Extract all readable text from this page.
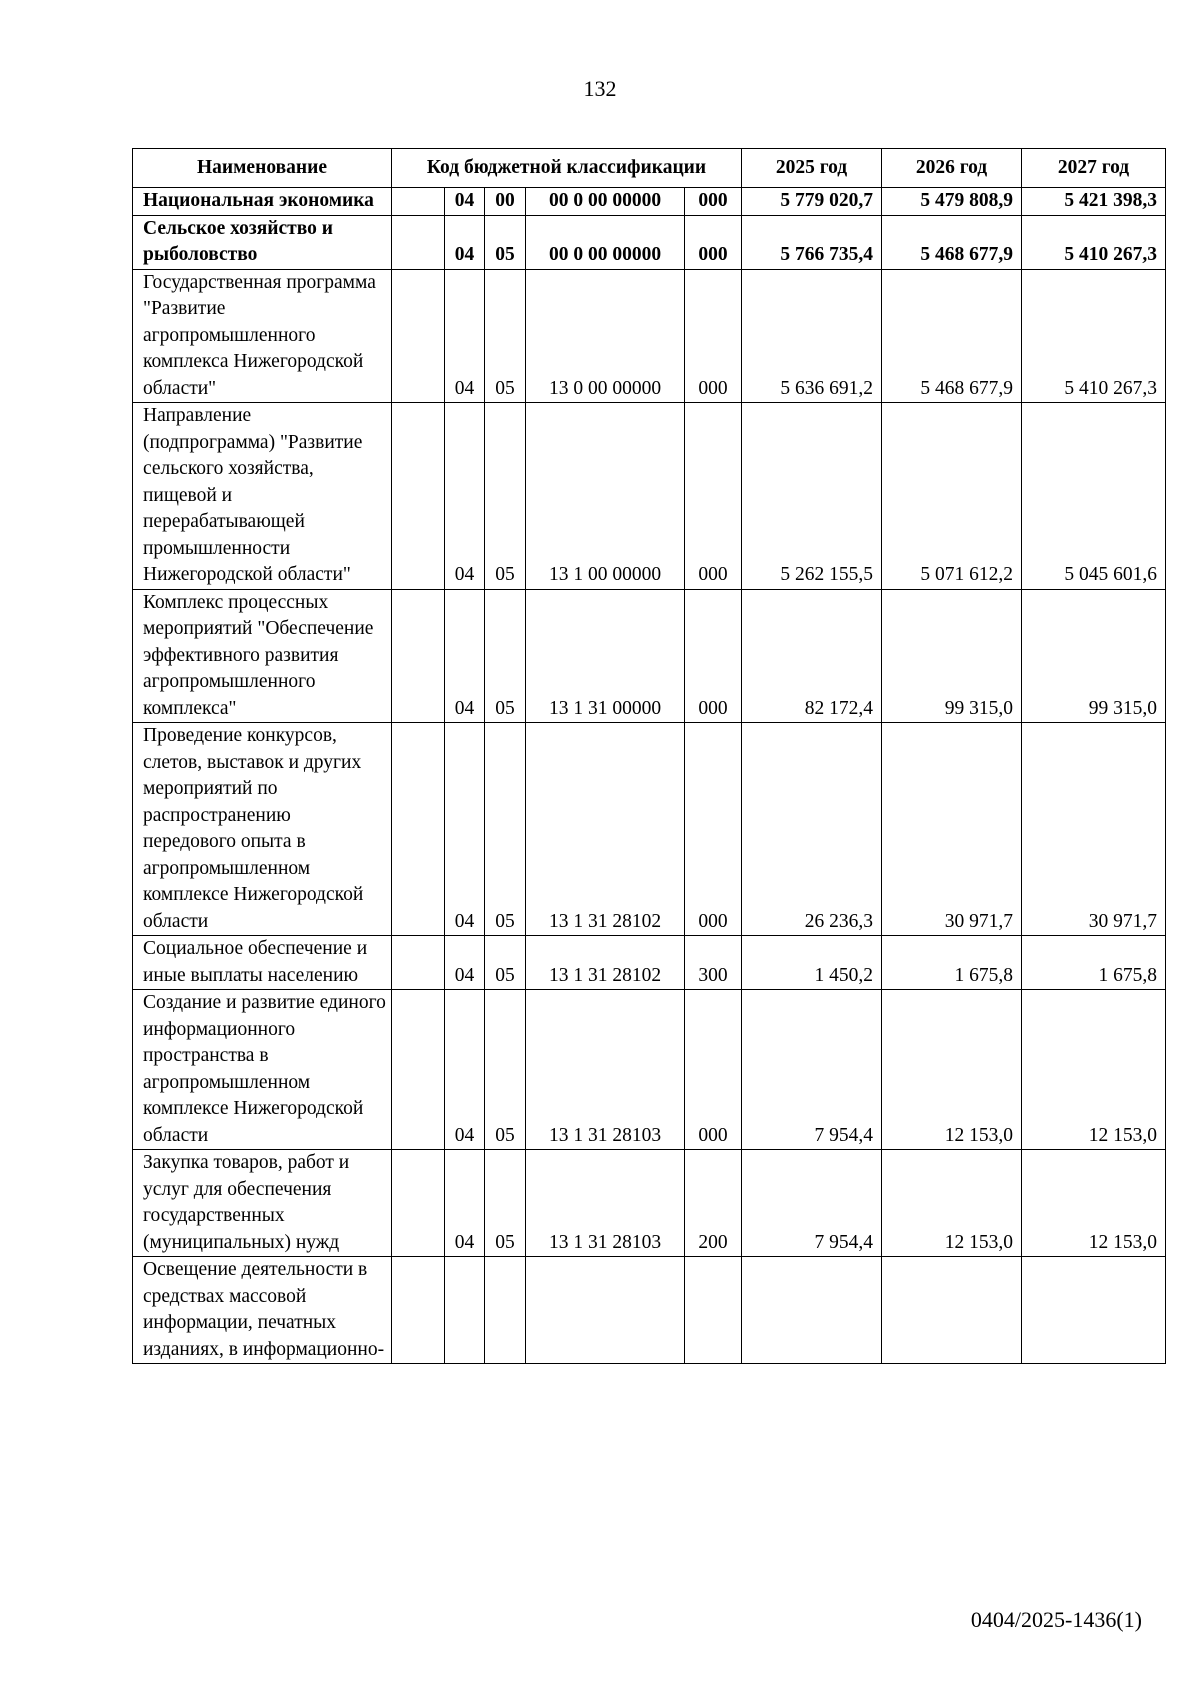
132
Наименование	Код бюджетной классификации					2025 год	2026 год	2027 год
Национальная экономика		04	00	00 0 00 00000	000	5 779 020,7	5 479 808,9	5 421 398,3
Сельское хозяйство и рыболовство		04	05	00 0 00 00000	000	5 766 735,4	5 468 677,9	5 410 267,3
Государственная программа "Развитие агропромышленного комплекса Нижегородской области"		04	05	13 0 00 00000	000	5 636 691,2	5 468 677,9	5 410 267,3
Направление (подпрограмма) "Развитие сельского хозяйства, пищевой и перерабатывающей промышленности Нижегородской области"		04	05	13 1 00 00000	000	5 262 155,5	5 071 612,2	5 045 601,6
Комплекс процессных мероприятий "Обеспечение эффективного развития агропромышленного комплекса"		04	05	13 1 31 00000	000	82 172,4	99 315,0	99 315,0
Проведение конкурсов, слетов, выставок и других мероприятий по распространению передового опыта в агропромышленном комплексе Нижегородской области		04	05	13 1 31 28102	000	26 236,3	30 971,7	30 971,7
Социальное обеспечение и иные выплаты населению		04	05	13 1 31 28102	300	1 450,2	1 675,8	1 675,8
Создание и развитие единого информационного пространства в агропромышленном комплексе Нижегородской области		04	05	13 1 31 28103	000	7 954,4	12 153,0	12 153,0
Закупка товаров, работ и услуг для обеспечения государственных (муниципальных) нужд		04	05	13 1 31 28103	200	7 954,4	12 153,0	12 153,0
Освещение деятельности в средствах массовой информации, печатных изданиях, в информационно-								
0404/2025-1436(1)
